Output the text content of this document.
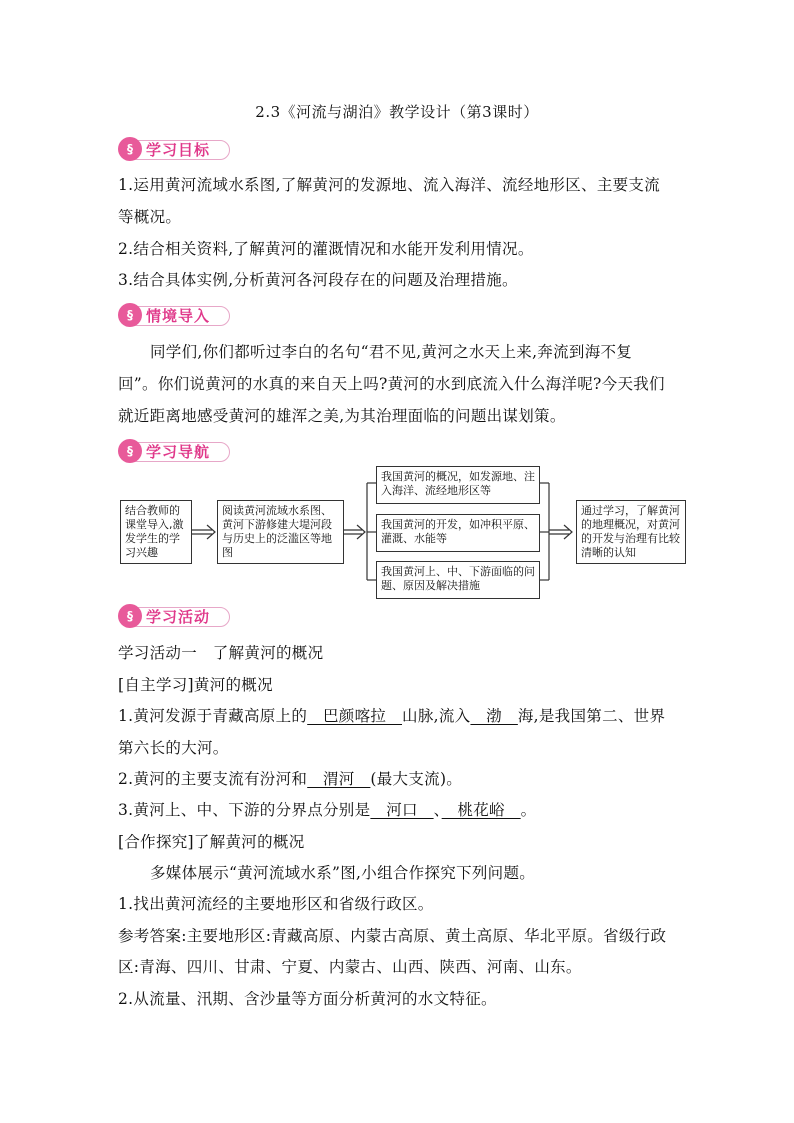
2.3《河流与湖泊》教学设计（第3课时）
§ 学习目标
1.运用黄河流域水系图,了解黄河的发源地、流入海洋、流经地形区、主要支流
等概况。
2.结合相关资料,了解黄河的灌溉情况和水能开发利用情况。
3.结合具体实例,分析黄河各河段存在的问题及治理措施。
§ 情境导入
同学们,你们都听过李白的名句“君不见,黄河之水天上来,奔流到海不复
回”。你们说黄河的水真的来自天上吗?黄河的水到底流入什么海洋呢?今天我们
就近距离地感受黄河的雄浑之美,为其治理面临的问题出谋划策。
§ 学习导航
结合教师的课堂导入,激发学生的学习兴趣
阅读黄河流域水系图、黄河下游修建大堤河段与历史上的泛滥区等地图
我国黄河的概况，如发源地、注入海洋、流经地形区等
我国黄河的开发，如冲积平原、灌溉、水能等
我国黄河上、中、下游面临的问题、原因及解决措施
通过学习，了解黄河的地理概况，对黄河的开发与治理有比较清晰的认知
§ 学习活动
学习活动一　了解黄河的概况
[自主学习]黄河的概况
1.黄河发源于青藏高原上的　巴颜喀拉　山脉,流入　渤　海,是我国第二、世界
第六长的大河。
2.黄河的主要支流有汾河和　渭河　(最大支流)。
3.黄河上、中、下游的分界点分别是　河口　、　桃花峪　。
[合作探究]了解黄河的概况
多媒体展示“黄河流域水系”图,小组合作探究下列问题。
1.找出黄河流经的主要地形区和省级行政区。
参考答案:主要地形区:青藏高原、内蒙古高原、黄土高原、华北平原。省级行政
区:青海、四川、甘肃、宁夏、内蒙古、山西、陕西、河南、山东。
2.从流量、汛期、含沙量等方面分析黄河的水文特征。
